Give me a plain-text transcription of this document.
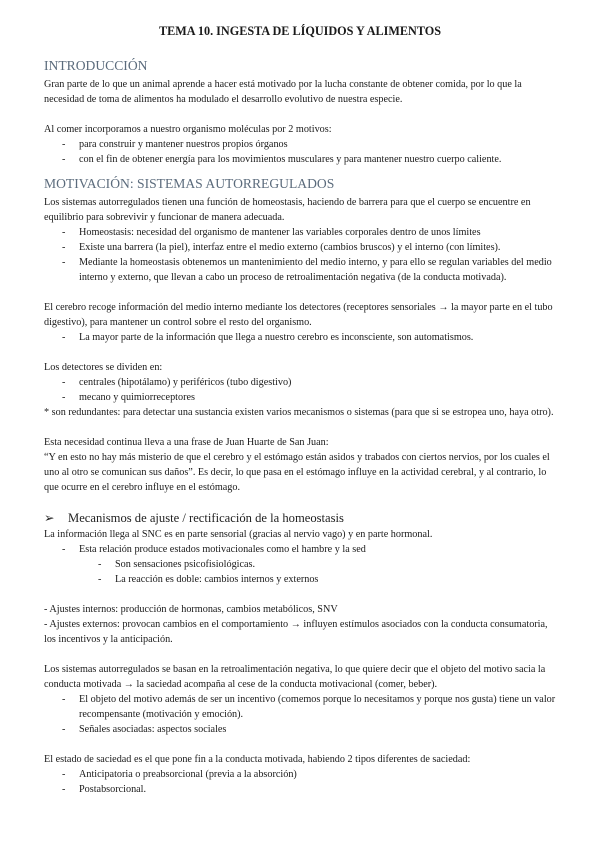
TEMA 10. INGESTA DE LÍQUIDOS Y ALIMENTOS
INTRODUCCIÓN

Gran parte de lo que un animal aprende a hacer está motivado por la lucha constante de obtener comida, por lo que la necesidad de toma de alimentos ha modulado el desarrollo evolutivo de nuestra especie.

Al comer incorporamos a nuestro organismo moléculas por 2 motivos:

- para construir y mantener nuestros propios órganos
- con el fin de obtener energía para los movimientos musculares y para mantener nuestro cuerpo caliente.
MOTIVACIÓN: SISTEMAS AUTORREGULADOS

Los sistemas autorregulados tienen una función de homeostasis, haciendo de barrera para que el cuerpo se encuentre en equilibrio para sobrevivir y funcionar de manera adecuada.

- Homeostasis: necesidad del organismo de mantener las variables corporales dentro de unos límites
- Existe una barrera (la piel), interfaz entre el medio externo (cambios bruscos) y el interno (con límites).
- Mediante la homeostasis obtenemos un mantenimiento del medio interno, y para ello se regulan variables del medio interno y externo, que llevan a cabo un proceso de retroalimentación negativa (de la conducta motivada).

El cerebro recoge información del medio interno mediante los detectores (receptores sensoriales → la mayor parte en el tubo digestivo), para mantener un control sobre el resto del organismo.

- La mayor parte de la información que llega a nuestro cerebro es inconsciente, son automatismos.

Los detectores se dividen en:

- centrales (hipotálamo) y periféricos (tubo digestivo)
- mecano y quimiorreceptores

* son redundantes: para detectar una sustancia existen varios mecanismos o sistemas (para que si se estropea uno, haya otro).

Esta necesidad continua lleva a una frase de Juan Huarte de San Juan:

“Y en esto no hay más misterio de que el cerebro y el estómago están asidos y trabados con ciertos nervios, por los cuales el uno al otro se comunican sus daños”. Es decir, lo que pasa en el estómago influye en la actividad cerebral, y al contrario, lo que ocurre en el cerebro influye en el estómago.

➢ Mecanismos de ajuste / rectificación de la homeostasis

La información llega al SNC es en parte sensorial (gracias al nervio vago) y en parte hormonal.

- Esta relación produce estados motivacionales como el hambre y la sed
- Son sensaciones psicofisiológicas.
- La reacción es doble: cambios internos y externos

- Ajustes internos: producción de hormonas, cambios metabólicos, SNV

- Ajustes externos: provocan cambios en el comportamiento → influyen estímulos asociados con la conducta consumatoria, los incentivos y la anticipación.

Los sistemas autorregulados se basan en la retroalimentación negativa, lo que quiere decir que el objeto del motivo sacia la conducta motivada → la saciedad acompaña al cese de la conducta motivacional (comer, beber).

- El objeto del motivo además de ser un incentivo (comemos porque lo necesitamos y porque nos gusta) tiene un valor recompensante (motivación y emoción).
- Señales asociadas: aspectos sociales

El estado de saciedad es el que pone fin a la conducta motivada, habiendo 2 tipos diferentes de saciedad:

- Anticipatoria o preabsorcional (previa a la absorción)
- Postabsorcional.
